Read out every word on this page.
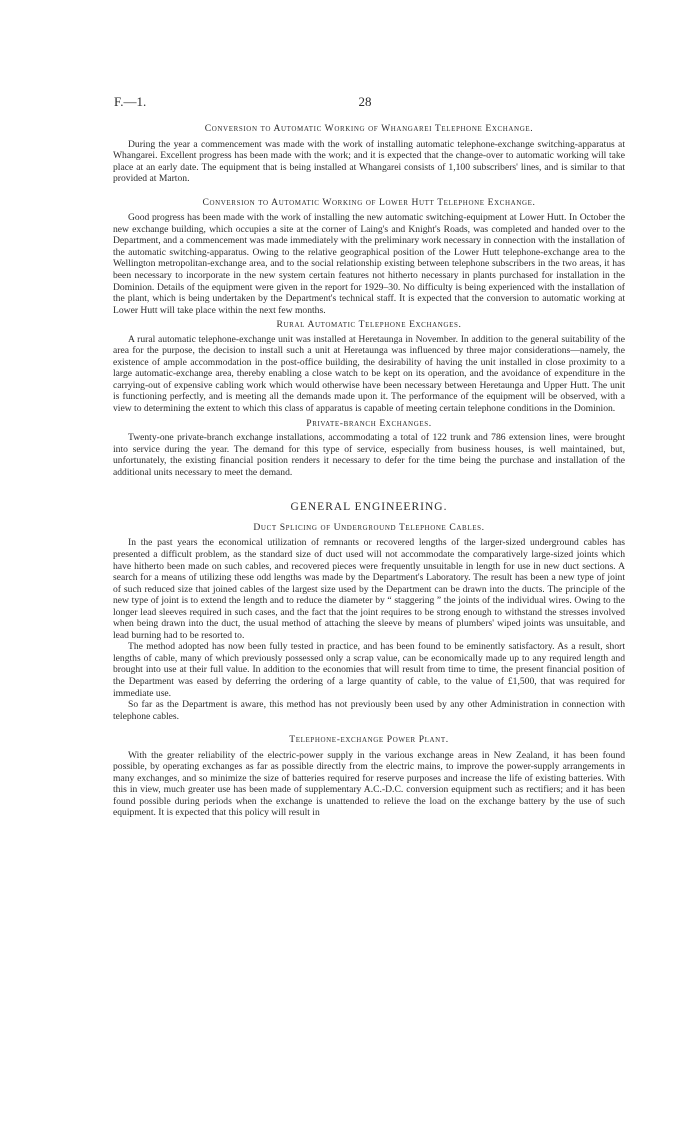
F.—1.	28
Conversion to Automatic Working of Whangarei Telephone Exchange.

During the year a commencement was made with the work of installing automatic telephone-exchange switching-apparatus at Whangarei. Excellent progress has been made with the work; and it is expected that the change-over to automatic working will take place at an early date. The equipment that is being installed at Whangarei consists of 1,100 subscribers' lines, and is similar to that provided at Marton.

Conversion to Automatic Working of Lower Hutt Telephone Exchange.

Good progress has been made with the work of installing the new automatic switching-equipment at Lower Hutt. In October the new exchange building, which occupies a site at the corner of Laing's and Knight's Roads, was completed and handed over to the Department, and a commencement was made immediately with the preliminary work necessary in connection with the installation of the automatic switching-apparatus. Owing to the relative geographical position of the Lower Hutt telephone-exchange area to the Wellington metropolitan-exchange area, and to the social relationship existing between telephone subscribers in the two areas, it has been necessary to incorporate in the new system certain features not hitherto necessary in plants purchased for installation in the Dominion. Details of the equipment were given in the report for 1929–30. No difficulty is being experienced with the installation of the plant, which is being undertaken by the Department's technical staff. It is expected that the conversion to automatic working at Lower Hutt will take place within the next few months.

Rural Automatic Telephone Exchanges.

A rural automatic telephone-exchange unit was installed at Heretaunga in November. In addition to the general suitability of the area for the purpose, the decision to install such a unit at Heretaunga was influenced by three major considerations—namely, the existence of ample accommodation in the post-office building, the desirability of having the unit installed in close proximity to a large automatic-exchange area, thereby enabling a close watch to be kept on its operation, and the avoidance of expenditure in the carrying-out of expensive cabling work which would otherwise have been necessary between Heretaunga and Upper Hutt. The unit is functioning perfectly, and is meeting all the demands made upon it. The performance of the equipment will be observed, with a view to determining the extent to which this class of apparatus is capable of meeting certain telephone conditions in the Dominion.

Private-branch Exchanges.

Twenty-one private-branch exchange installations, accommodating a total of 122 trunk and 786 extension lines, were brought into service during the year. The demand for this type of service, especially from business houses, is well maintained, but, unfortunately, the existing financial position renders it necessary to defer for the time being the purchase and installation of the additional units necessary to meet the demand.

GENERAL ENGINEERING.
Duct Splicing of Underground Telephone Cables.

In the past years the economical utilization of remnants or recovered lengths of the larger-sized underground cables has presented a difficult problem, as the standard size of duct used will not accommodate the comparatively large-sized joints which have hitherto been made on such cables, and recovered pieces were frequently unsuitable in length for use in new duct sections. A search for a means of utilizing these odd lengths was made by the Department's Laboratory. The result has been a new type of joint of such reduced size that joined cables of the largest size used by the Department can be drawn into the ducts. The principle of the new type of joint is to extend the length and to reduce the diameter by “ staggering ” the joints of the individual wires. Owing to the longer lead sleeves required in such cases, and the fact that the joint requires to be strong enough to withstand the stresses involved when being drawn into the duct, the usual method of attaching the sleeve by means of plumbers' wiped joints was unsuitable, and lead burning had to be resorted to.

The method adopted has now been fully tested in practice, and has been found to be eminently satisfactory. As a result, short lengths of cable, many of which previously possessed only a scrap value, can be economically made up to any required length and brought into use at their full value. In addition to the economies that will result from time to time, the present financial position of the Department was eased by deferring the ordering of a large quantity of cable, to the value of £1,500, that was required for immediate use.

So far as the Department is aware, this method has not previously been used by any other Administration in connection with telephone cables.

Telephone-exchange Power Plant.

With the greater reliability of the electric-power supply in the various exchange areas in New Zealand, it has been found possible, by operating exchanges as far as possible directly from the electric mains, to improve the power-supply arrangements in many exchanges, and so minimize the size of batteries required for reserve purposes and increase the life of existing batteries. With this in view, much greater use has been made of supplementary A.C.-D.C. conversion equipment such as rectifiers; and it has been found possible during periods when the exchange is unattended to relieve the load on the exchange battery by the use of such equipment. It is expected that this policy will result in
